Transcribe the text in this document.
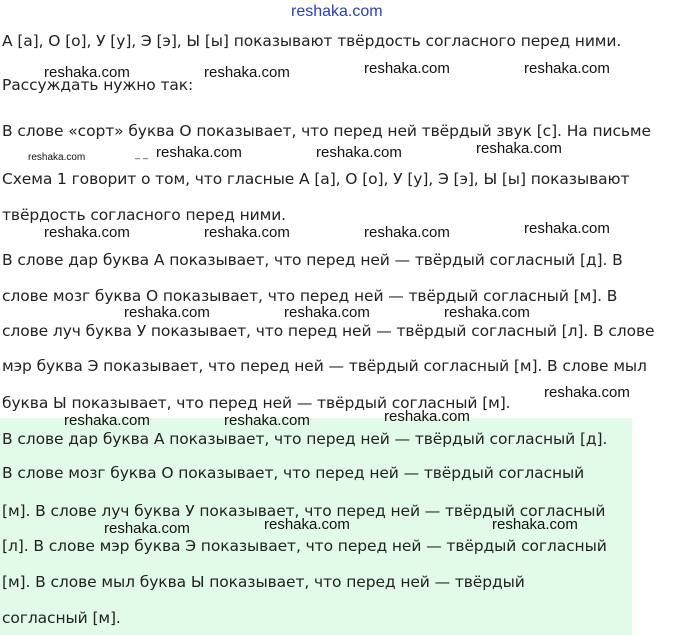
reshaka.com
А [а], О [о], У [у], Э [э], Ы [ы] показывают твёрдость согласного перед ними.
Рассуждать нужно так:
В слове «сорт» буква О показывает, что перед ней твёрдый звук [с]. На письме
Схема 1 говорит о том, что гласные А [а], О [о], У [у], Э [э], Ы [ы] показывают
твёрдость согласного перед ними.
В слове дар буква А показывает, что перед ней — твёрдый согласный [д]. В
слове мозг буква О показывает, что перед ней — твёрдый согласный [м]. В
слове луч буква У показывает, что перед ней — твёрдый согласный [л]. В слове
мэр буква Э показывает, что перед ней — твёрдый согласный [м]. В слове мыл
буква Ы показывает, что перед ней — твёрдый согласный [м].
В слове дар буква А показывает, что перед ней — твёрдый согласный [д].
В слове мозг буква О показывает, что перед ней — твёрдый согласный
[м]. В слове луч буква У показывает, что перед ней — твёрдый согласный
[л]. В слове мэр буква Э показывает, что перед ней — твёрдый согласный
[м]. В слове мыл буква Ы показывает, что перед ней — твёрдый
согласный [м].
reshaka.com	reshaka.com	reshaka.com	reshaka.com
reshaka.com	_ _ reshaka.com	reshaka.com	reshaka.com
reshaka.com	reshaka.com	reshaka.com	reshaka.com
reshaka.com	reshaka.com	reshaka.com
reshaka.com
reshaka.com
reshaka.com	reshaka.com
reshaka.com	reshaka.com	reshaka.com
